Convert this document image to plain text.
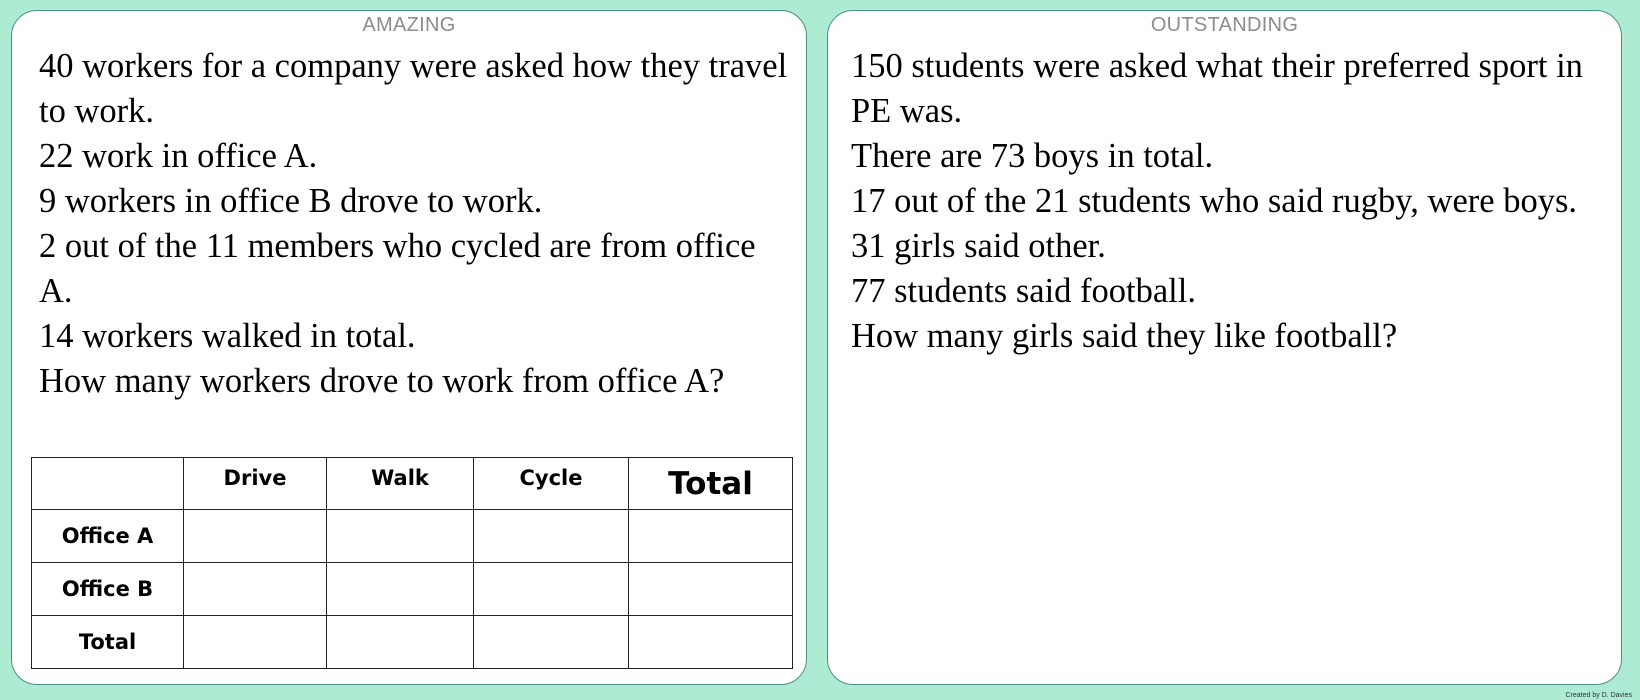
AMAZING
40 workers for a company were asked how they travel to work.
22 work in office A.
9 workers in office B drove to work.
2 out of the 11 members who cycled are from office A.
14 workers walked in total.
How many workers drove to work from office A?
	Drive	Walk	Cycle	Total
Office A				
Office B				
Total				
OUTSTANDING
150 students were asked what their preferred sport in PE was.
There are 73 boys in total.
17 out of the 21 students who said rugby, were boys.
31 girls said other.
77 students said football.
How many girls said they like football?
Created by D. Davies
